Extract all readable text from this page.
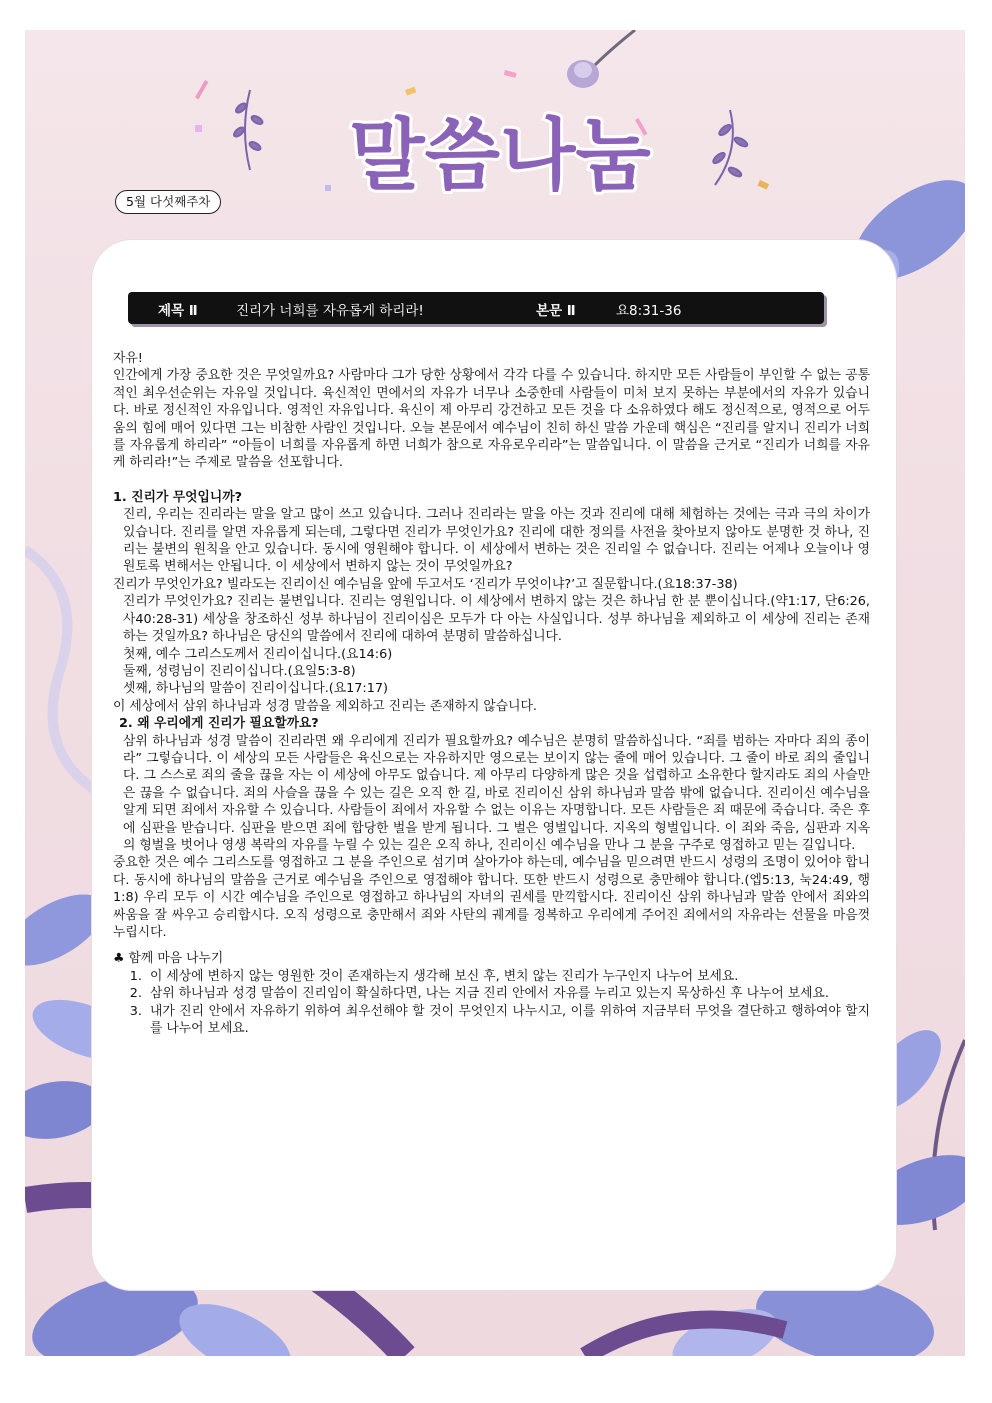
말씀나눔
5월 다섯째주차
제목 Ⅱ	진리가 너희를 자유롭게 하리라!	본문 Ⅱ	요8:31-36

자유!

인간에게 가장 중요한 것은 무엇일까요? 사람마다 그가 당한 상황에서 각각 다를 수 있습니다. 하지만 모든 사람들이 부인할 수 없는 공통적인 최우선순위는 자유일 것입니다. 육신적인 면에서의 자유가 너무나 소중한데 사람들이 미처 보지 못하는 부분에서의 자유가 있습니다. 바로 정신적인 자유입니다. 영적인 자유입니다. 육신이 제 아무리 강건하고 모든 것을 다 소유하였다 해도 정신적으로, 영적으로 어두움의 힘에 매어 있다면 그는 비참한 사람인 것입니다. 오늘 본문에서 예수님이 친히 하신 말씀 가운데 핵심은 “진리를 알지니 진리가 너희를 자유롭게 하리라” “아들이 너희를 자유롭게 하면 너희가 참으로 자유로우리라”는 말씀입니다. 이 말씀을 근거로 “진리가 너희를 자유케 하리라!”는 주제로 말씀을 선포합니다.

1. 진리가 무엇입니까?

진리, 우리는 진리라는 말을 알고 많이 쓰고 있습니다. 그러나 진리라는 말을 아는 것과 진리에 대해 체험하는 것에는 극과 극의 차이가 있습니다. 진리를 알면 자유롭게 되는데, 그렇다면 진리가 무엇인가요? 진리에 대한 정의를 사전을 찾아보지 않아도 분명한 것 하나, 진리는 불변의 원칙을 안고 있습니다. 동시에 영원해야 합니다. 이 세상에서 변하는 것은 진리일 수 없습니다. 진리는 어제나 오늘이나 영원토록 변해서는 안됩니다. 이 세상에서 변하지 않는 것이 무엇일까요?

진리가 무엇인가요? 빌라도는 진리이신 예수님을 앞에 두고서도 ‘진리가 무엇이냐?’고 질문합니다.(요18:37-38)

진리가 무엇인가요? 진리는 불변입니다. 진리는 영원입니다. 이 세상에서 변하지 않는 것은 하나님 한 분 뿐이십니다.(약1:17, 단6:26, 사40:28-31) 세상을 창조하신 성부 하나님이 진리이심은 모두가 다 아는 사실입니다. 성부 하나님을 제외하고 이 세상에 진리는 존재하는 것일까요? 하나님은 당신의 말씀에서 진리에 대하여 분명히 말씀하십니다.

첫째, 예수 그리스도께서 진리이십니다.(요14:6)

둘째, 성령님이 진리이십니다.(요일5:3-8)

셋째, 하나님의 말씀이 진리이십니다.(요17:17)

이 세상에서 삼위 하나님과 성경 말씀을 제외하고 진리는 존재하지 않습니다.

2. 왜 우리에게 진리가 필요할까요?

삼위 하나님과 성경 말씀이 진리라면 왜 우리에게 진리가 필요할까요? 예수님은 분명히 말씀하십니다. “죄를 범하는 자마다 죄의 종이라” 그렇습니다. 이 세상의 모든 사람들은 육신으로는 자유하지만 영으로는 보이지 않는 줄에 매어 있습니다. 그 줄이 바로 죄의 줄입니다. 그 스스로 죄의 줄을 끊을 자는 이 세상에 아무도 없습니다. 제 아무리 다양하게 많은 것을 섭렵하고 소유한다 할지라도 죄의 사슬만은 끊을 수 없습니다. 죄의 사슬을 끊을 수 있는 길은 오직 한 길, 바로 진리이신 삼위 하나님과 말씀 밖에 없습니다. 진리이신 예수님을 알게 되면 죄에서 자유할 수 있습니다. 사람들이 죄에서 자유할 수 없는 이유는 자명합니다. 모든 사람들은 죄 때문에 죽습니다. 죽은 후에 심판을 받습니다. 심판을 받으면 죄에 합당한 벌을 받게 됩니다. 그 벌은 영벌입니다. 지옥의 형벌입니다. 이 죄와 죽음, 심판과 지옥의 형벌을 벗어나 영생 복락의 자유를 누릴 수 있는 길은 오직 하나, 진리이신 예수님을 만나 그 분을 구주로 영접하고 믿는 길입니다.

중요한 것은 예수 그리스도를 영접하고 그 분을 주인으로 섬기며 살아가야 하는데, 예수님을 믿으려면 반드시 성령의 조명이 있어야 합니다. 동시에 하나님의 말씀을 근거로 예수님을 주인으로 영접해야 합니다. 또한 반드시 성령으로 충만해야 합니다.(엡5:13, 눅24:49, 행1:8) 우리 모두 이 시간 예수님을 주인으로 영접하고 하나님의 자녀의 권세를 만끽합시다. 진리이신 삼위 하나님과 말씀 안에서 죄와의 싸움을 잘 싸우고 승리합시다. 오직 성령으로 충만해서 죄와 사탄의 궤계를 정복하고 우리에게 주어진 죄에서의 자유라는 선물을 마음껏 누립시다.

♣ 함께 마음 나누기

1. 이 세상에 변하지 않는 영원한 것이 존재하는지 생각해 보신 후, 변치 않는 진리가 누구인지 나누어 보세요.
2. 삼위 하나님과 성경 말씀이 진리임이 확실하다면, 나는 지금 진리 안에서 자유를 누리고 있는지 묵상하신 후 나누어 보세요.
3. 내가 진리 안에서 자유하기 위하여 최우선해야 할 것이 무엇인지 나누시고, 이를 위하여 지금부터 무엇을 결단하고 행하여야 할지를 나누어 보세요.
